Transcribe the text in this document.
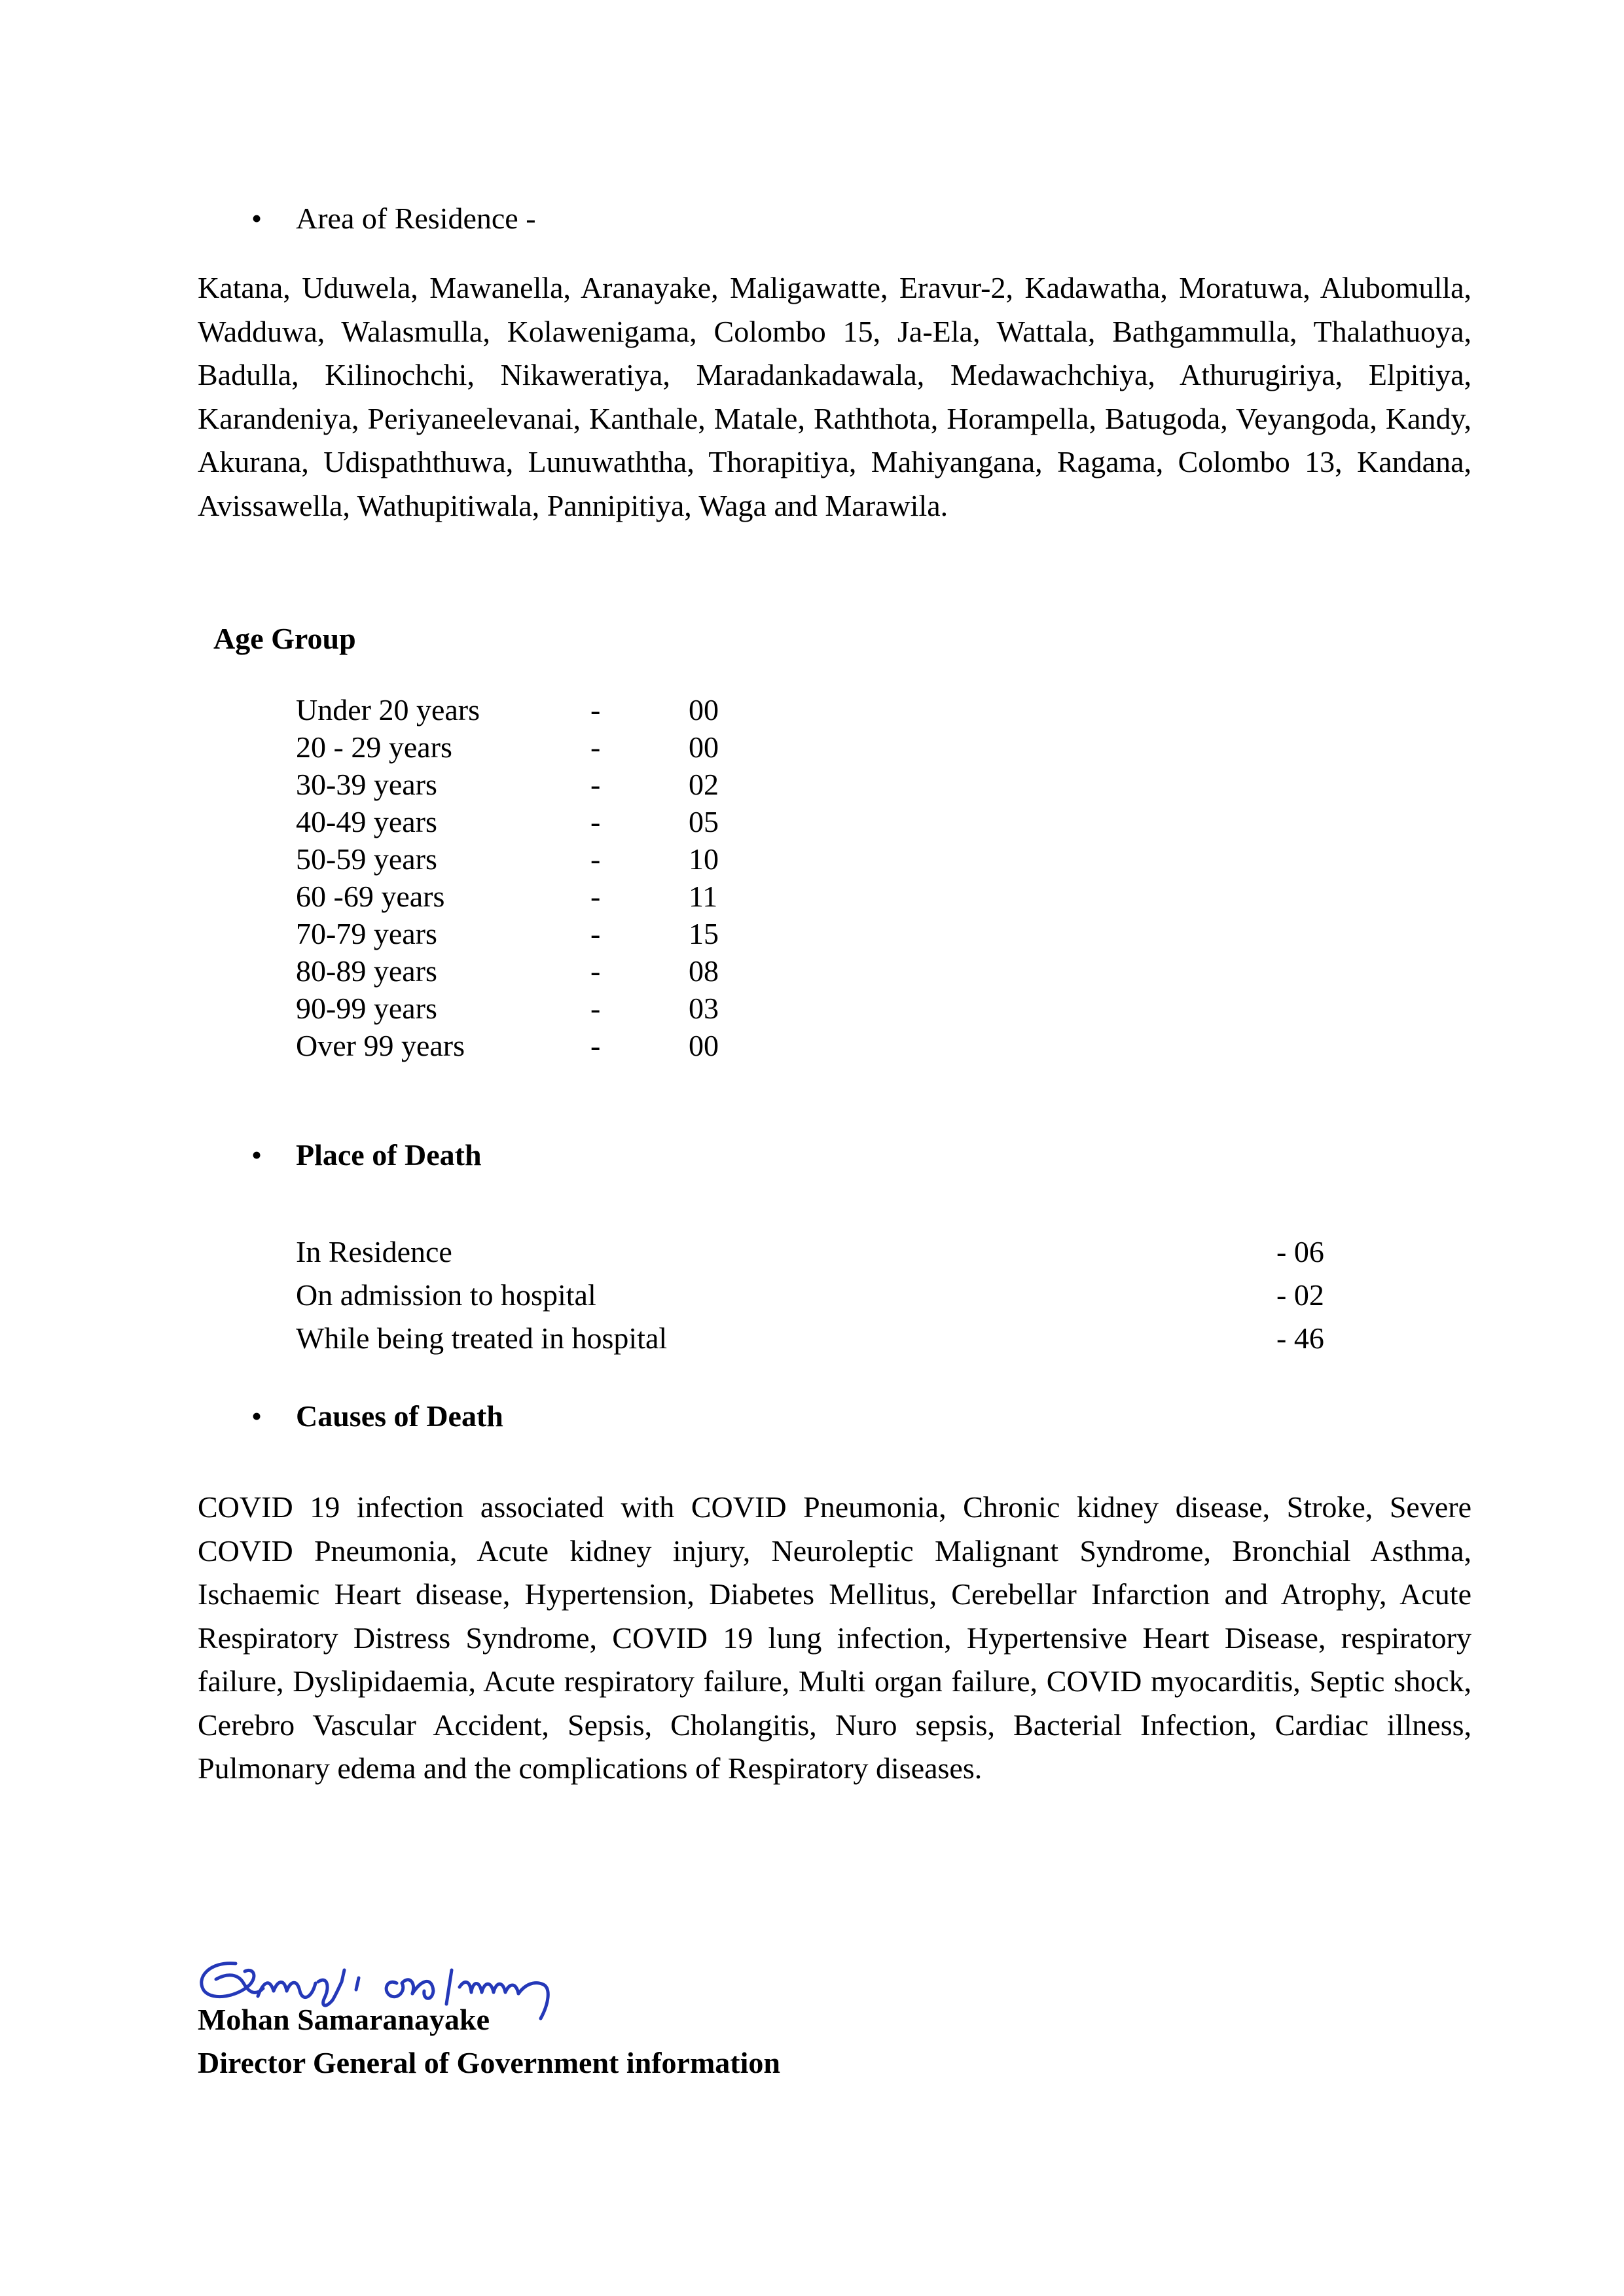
• Area of Residence -
Katana, Uduwela, Mawanella, Aranayake, Maligawatte, Eravur-2, Kadawatha, Moratuwa, Alubomulla, Wadduwa, Walasmulla, Kolawenigama, Colombo 15, Ja-Ela, Wattala, Bathgammulla, Thalathuoya, Badulla, Kilinochchi, Nikaweratiya, Maradankadawala, Medawachchiya, Athurugiriya, Elpitiya, Karandeniya, Periyaneelevanai, Kanthale, Matale, Raththota, Horampella, Batugoda, Veyangoda, Kandy, Akurana, Udispaththuwa, Lunuwaththa, Thorapitiya, Mahiyangana, Ragama, Colombo 13, Kandana, Avissawella, Wathupitiwala, Pannipitiya, Waga and Marawila.
Age Group
Under 20 years	-	00
20 - 29 years	-	00
30-39 years	-	02
40-49 years	-	05
50-59 years	-	10
60 -69 years	-	11
70-79 years	-	15
80-89 years	-	08
90-99 years	-	03
Over 99 years	-	00
• Place of Death
In Residence	- 06
On admission to hospital	- 02
While being treated in hospital	- 46
• Causes of Death
COVID 19 infection associated with COVID Pneumonia, Chronic kidney disease, Stroke, Severe COVID Pneumonia, Acute kidney injury, Neuroleptic Malignant Syndrome, Bronchial Asthma, Ischaemic Heart disease, Hypertension, Diabetes Mellitus, Cerebellar Infarction and Atrophy, Acute Respiratory Distress Syndrome, COVID 19 lung infection, Hypertensive Heart Disease, respiratory failure, Dyslipidaemia, Acute respiratory failure, Multi organ failure, COVID myocarditis, Septic shock, Cerebro Vascular Accident, Sepsis, Cholangitis, Nuro sepsis, Bacterial Infection, Cardiac illness, Pulmonary edema and the complications of Respiratory diseases.
Mohan Samaranayake
Director General of Government information
